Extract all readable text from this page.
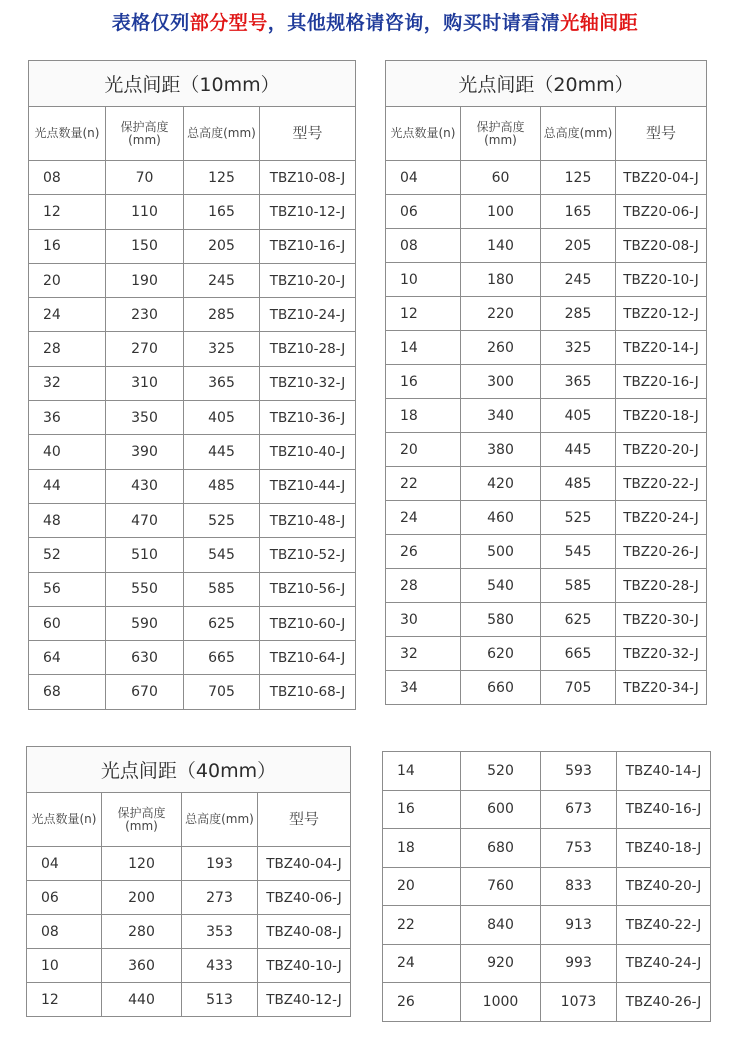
表格仅列部分型号，其他规格请咨询，购买时请看清光轴间距
光点间距（10mm）			
光点数量(n)	保护高度(mm)	总高度(mm)	型号
08	70	125	TBZ10-08-J
12	110	165	TBZ10-12-J
16	150	205	TBZ10-16-J
20	190	245	TBZ10-20-J
24	230	285	TBZ10-24-J
28	270	325	TBZ10-28-J
32	310	365	TBZ10-32-J
36	350	405	TBZ10-36-J
40	390	445	TBZ10-40-J
44	430	485	TBZ10-44-J
48	470	525	TBZ10-48-J
52	510	545	TBZ10-52-J
56	550	585	TBZ10-56-J
60	590	625	TBZ10-60-J
64	630	665	TBZ10-64-J
68	670	705	TBZ10-68-J
光点间距（20mm）			
光点数量(n)	保护高度(mm)	总高度(mm)	型号
04	60	125	TBZ20-04-J
06	100	165	TBZ20-06-J
08	140	205	TBZ20-08-J
10	180	245	TBZ20-10-J
12	220	285	TBZ20-12-J
14	260	325	TBZ20-14-J
16	300	365	TBZ20-16-J
18	340	405	TBZ20-18-J
20	380	445	TBZ20-20-J
22	420	485	TBZ20-22-J
24	460	525	TBZ20-24-J
26	500	545	TBZ20-26-J
28	540	585	TBZ20-28-J
30	580	625	TBZ20-30-J
32	620	665	TBZ20-32-J
34	660	705	TBZ20-34-J
光点间距（40mm）			
光点数量(n)	保护高度(mm)	总高度(mm)	型号
04	120	193	TBZ40-04-J
06	200	273	TBZ40-06-J
08	280	353	TBZ40-08-J
10	360	433	TBZ40-10-J
12	440	513	TBZ40-12-J
14	520	593	TBZ40-14-J
16	600	673	TBZ40-16-J
18	680	753	TBZ40-18-J
20	760	833	TBZ40-20-J
22	840	913	TBZ40-22-J
24	920	993	TBZ40-24-J
26	1000	1073	TBZ40-26-J
